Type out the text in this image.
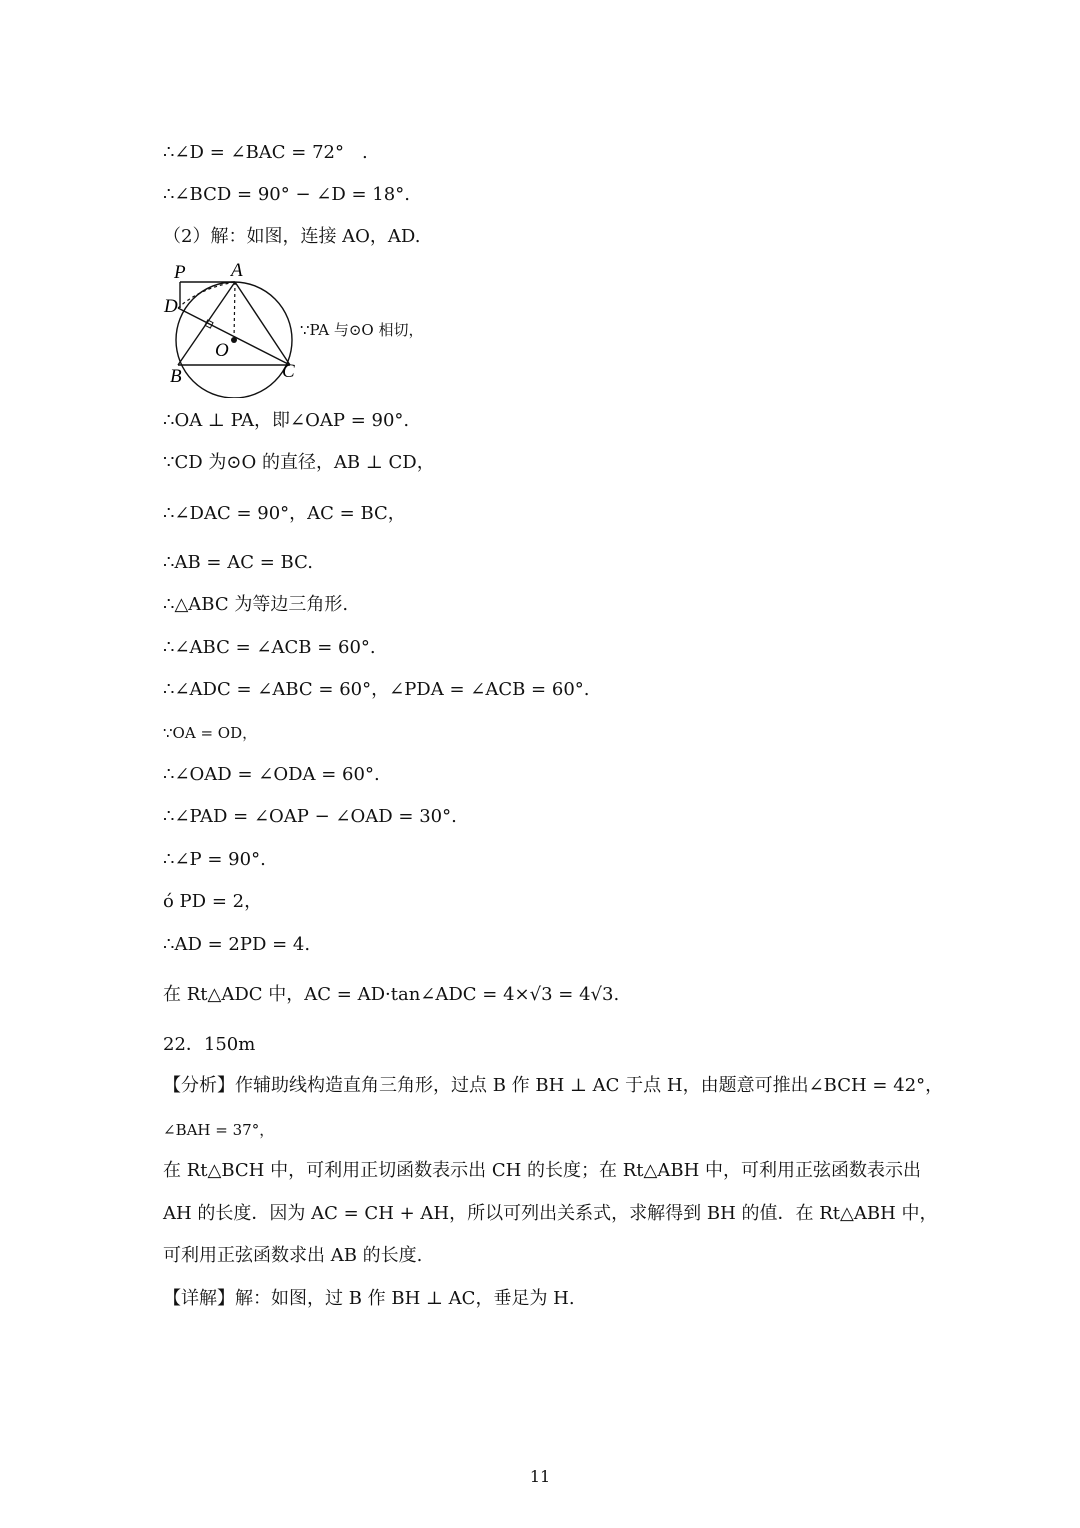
∴∠D = ∠BAC = 72°　.
∴∠BCD = 90° − ∠D = 18°.
（2）解：如图，连接 AO，AD.
P A
D
O
B	C
∵PA 与⊙O 相切，
∴OA ⊥ PA，即∠OAP = 90°.
∵CD 为⊙O 的直径，AB ⊥ CD，
∴∠DAC = 90°，AC = BC，
∴AB = AC = BC.
∴△ABC 为等边三角形.
∴∠ABC = ∠ACB = 60°.
∴∠ADC = ∠ABC = 60°，∠PDA = ∠ACB = 60°.
∵OA = OD，
∴∠OAD = ∠ODA = 60°.
∴∠PAD = ∠OAP − ∠OAD = 30°.
∴∠P = 90°.
ó PD = 2，
∴AD = 2PD = 4.
在 Rt△ADC 中，AC = AD·tan∠ADC = 4×√3 = 4√3.
22．150m
【分析】作辅助线构造直角三角形，过点 B 作 BH ⊥ AC 于点 H，由题意可推出∠BCH = 42°，
∠BAH = 37°，
在 Rt△BCH 中，可利用正切函数表示出 CH 的长度；在 Rt△ABH 中，可利用正弦函数表示出
AH 的长度．因为 AC = CH + AH，所以可列出关系式，求解得到 BH 的值．在 Rt△ABH 中，
可利用正弦函数求出 AB 的长度.
【详解】解：如图，过 B 作 BH ⊥ AC，垂足为 H.
11
